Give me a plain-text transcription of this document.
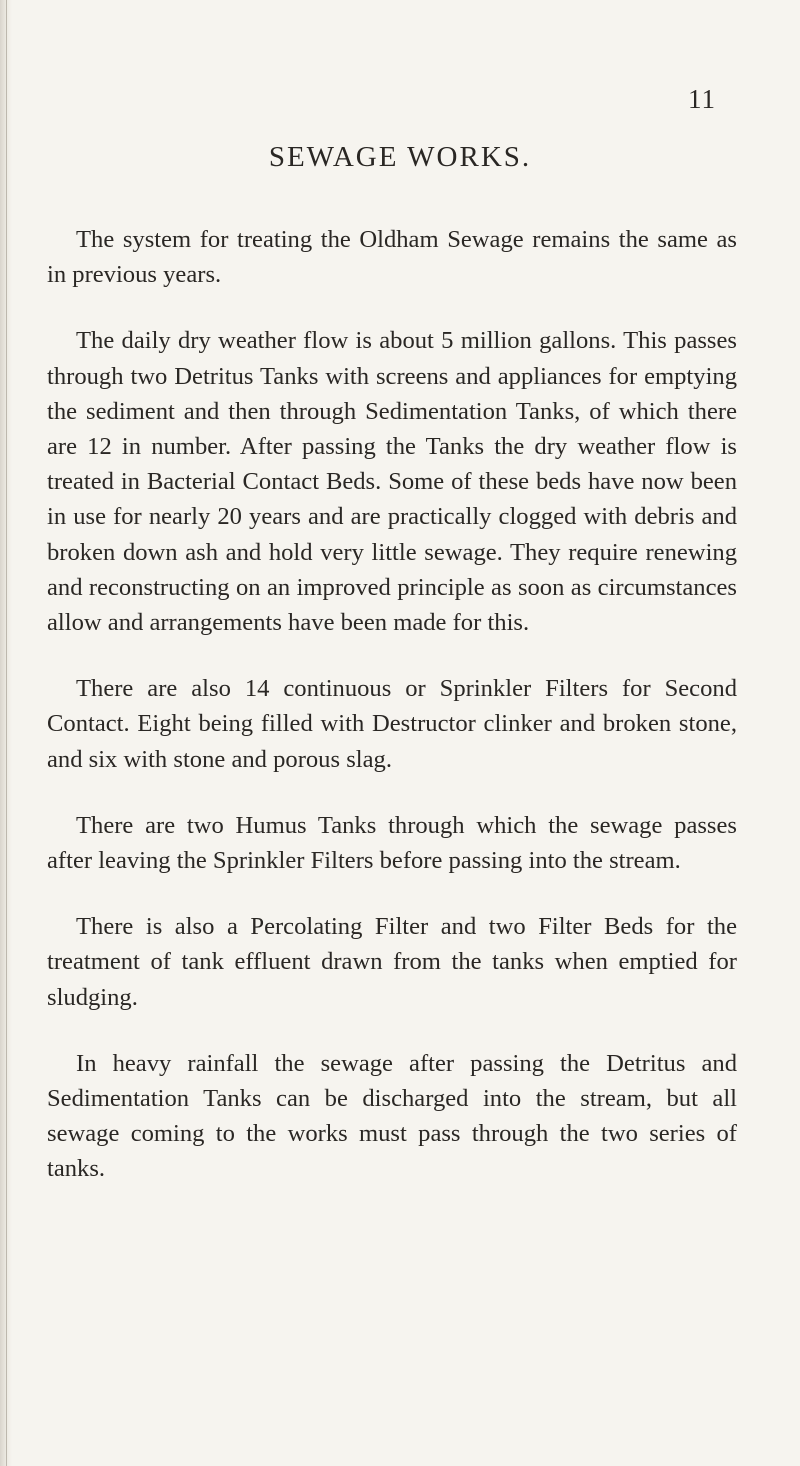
11
SEWAGE WORKS.

The system for treating the Oldham Sewage remains the same as in previous years.

The daily dry weather flow is about 5 million gallons. This passes through two Detritus Tanks with screens and appliances for emptying the sediment and then through Sedimentation Tanks, of which there are 12 in number. After passing the Tanks the dry weather flow is treated in Bacterial Contact Beds. Some of these beds have now been in use for nearly 20 years and are practically clogged with debris and broken down ash and hold very little sewage. They require renewing and reconstructing on an improved principle as soon as circumstances allow and arrangements have been made for this.

There are also 14 continuous or Sprinkler Filters for Second Contact. Eight being filled with Destructor clinker and broken stone, and six with stone and porous slag.

There are two Humus Tanks through which the sewage passes after leaving the Sprinkler Filters before passing into the stream.

There is also a Percolating Filter and two Filter Beds for the treatment of tank effluent drawn from the tanks when emptied for sludging.

In heavy rainfall the sewage after passing the Detritus and Sedimentation Tanks can be discharged into the stream, but all sewage coming to the works must pass through the two series of tanks.
